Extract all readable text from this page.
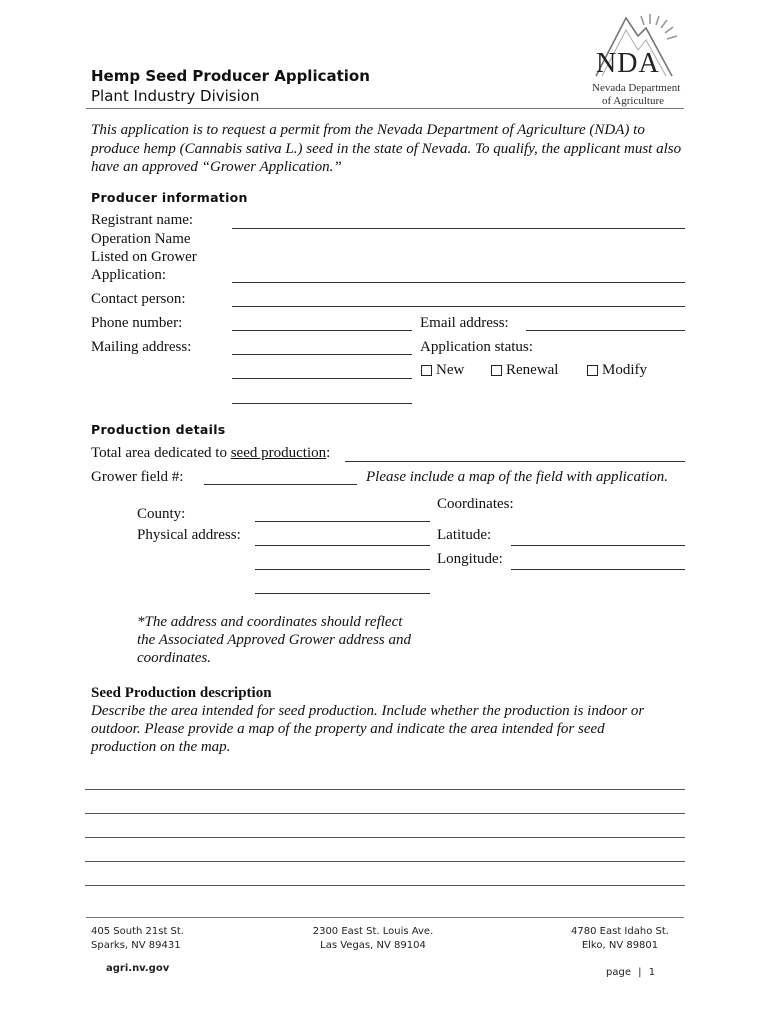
Hemp Seed Producer Application
Plant Industry Division
NDA
Nevada Department
of Agriculture
This application is to request a permit from the Nevada Department of Agriculture (NDA) to produce hemp (Cannabis sativa L.) seed in the state of Nevada. To qualify, the applicant must also have an approved “Grower Application.”
Producer information
Registrant name:
Operation Name
Listed on Grower
Application:
Contact person:
Phone number:	Email address:
Mailing address:	Application status:
New	Renewal	Modify
Production details
Total area dedicated to seed production:
Grower field #:	Please include a map of the field with application.
Coordinates:
County:
Physical address:	Latitude:
Longitude:
*The address and coordinates should reflect
the Associated Approved Grower address and
coordinates.
Seed Production description
Describe the area intended for seed production. Include whether the production is indoor or
outdoor. Please provide a map of the property and indicate the area intended for seed
production on the map.
405 South 21st St.
Sparks, NV 89431
2300 East St. Louis Ave.
Las Vegas, NV 89104
4780 East Idaho St.
Elko, NV 89801
agri.nv.gov	page | 1
